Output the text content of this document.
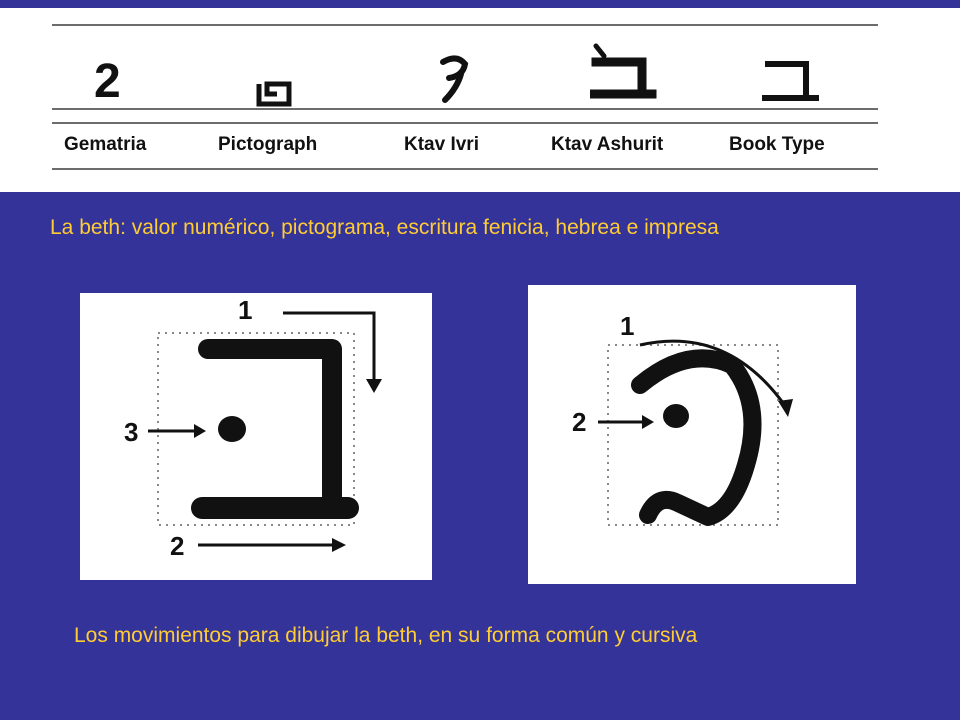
2
Gematria	Pictograph	Ktav Ivri	Ktav Ashurit	Book Type
La beth: valor numérico, pictograma, escritura fenicia, hebrea e impresa
1
2
3
1
2
Los movimientos para dibujar la beth, en su forma común y cursiva
